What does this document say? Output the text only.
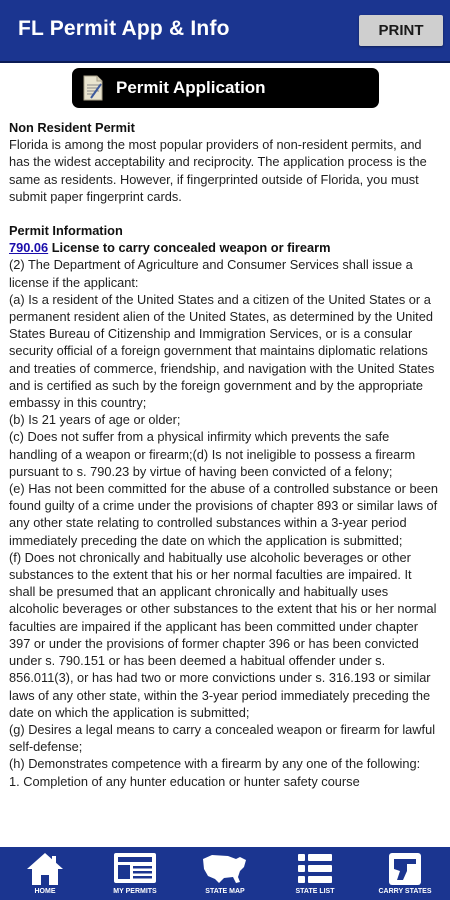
FL Permit App & Info	PRINT
Permit Application

Non Resident Permit

Florida is among the most popular providers of non-resident permits, and has the widest acceptability and reciprocity. The application process is the same as residents. However, if fingerprinted outside of Florida, you must submit paper fingerprint cards.

Permit Information

790.06 License to carry concealed weapon or firearm

(2) The Department of Agriculture and Consumer Services shall issue a license if the applicant:

(a) Is a resident of the United States and a citizen of the United States or a permanent resident alien of the United States, as determined by the United States Bureau of Citizenship and Immigration Services, or is a consular security official of a foreign government that maintains diplomatic relations and treaties of commerce, friendship, and navigation with the United States and is certified as such by the foreign government and by the appropriate embassy in this country;

(b) Is 21 years of age or older;

(c) Does not suffer from a physical infirmity which prevents the safe handling of a weapon or firearm;(d) Is not ineligible to possess a firearm pursuant to s. 790.23 by virtue of having been convicted of a felony;

(e) Has not been committed for the abuse of a controlled substance or been found guilty of a crime under the provisions of chapter 893 or similar laws of any other state relating to controlled substances within a 3-year period immediately preceding the date on which the application is submitted;

(f) Does not chronically and habitually use alcoholic beverages or other substances to the extent that his or her normal faculties are impaired. It shall be presumed that an applicant chronically and habitually uses alcoholic beverages or other substances to the extent that his or her normal faculties are impaired if the applicant has been committed under chapter 397 or under the provisions of former chapter 396 or has been convicted under s. 790.151 or has been deemed a habitual offender under s. 856.011(3), or has had two or more convictions under s. 316.193 or similar laws of any other state, within the 3-year period immediately preceding the date on which the application is submitted;

(g) Desires a legal means to carry a concealed weapon or firearm for lawful self-defense;

(h) Demonstrates competence with a firearm by any one of the following:

1. Completion of any hunter education or hunter safety course

HOME	MY PERMITS	STATE MAP	STATE LIST	CARRY STATES
